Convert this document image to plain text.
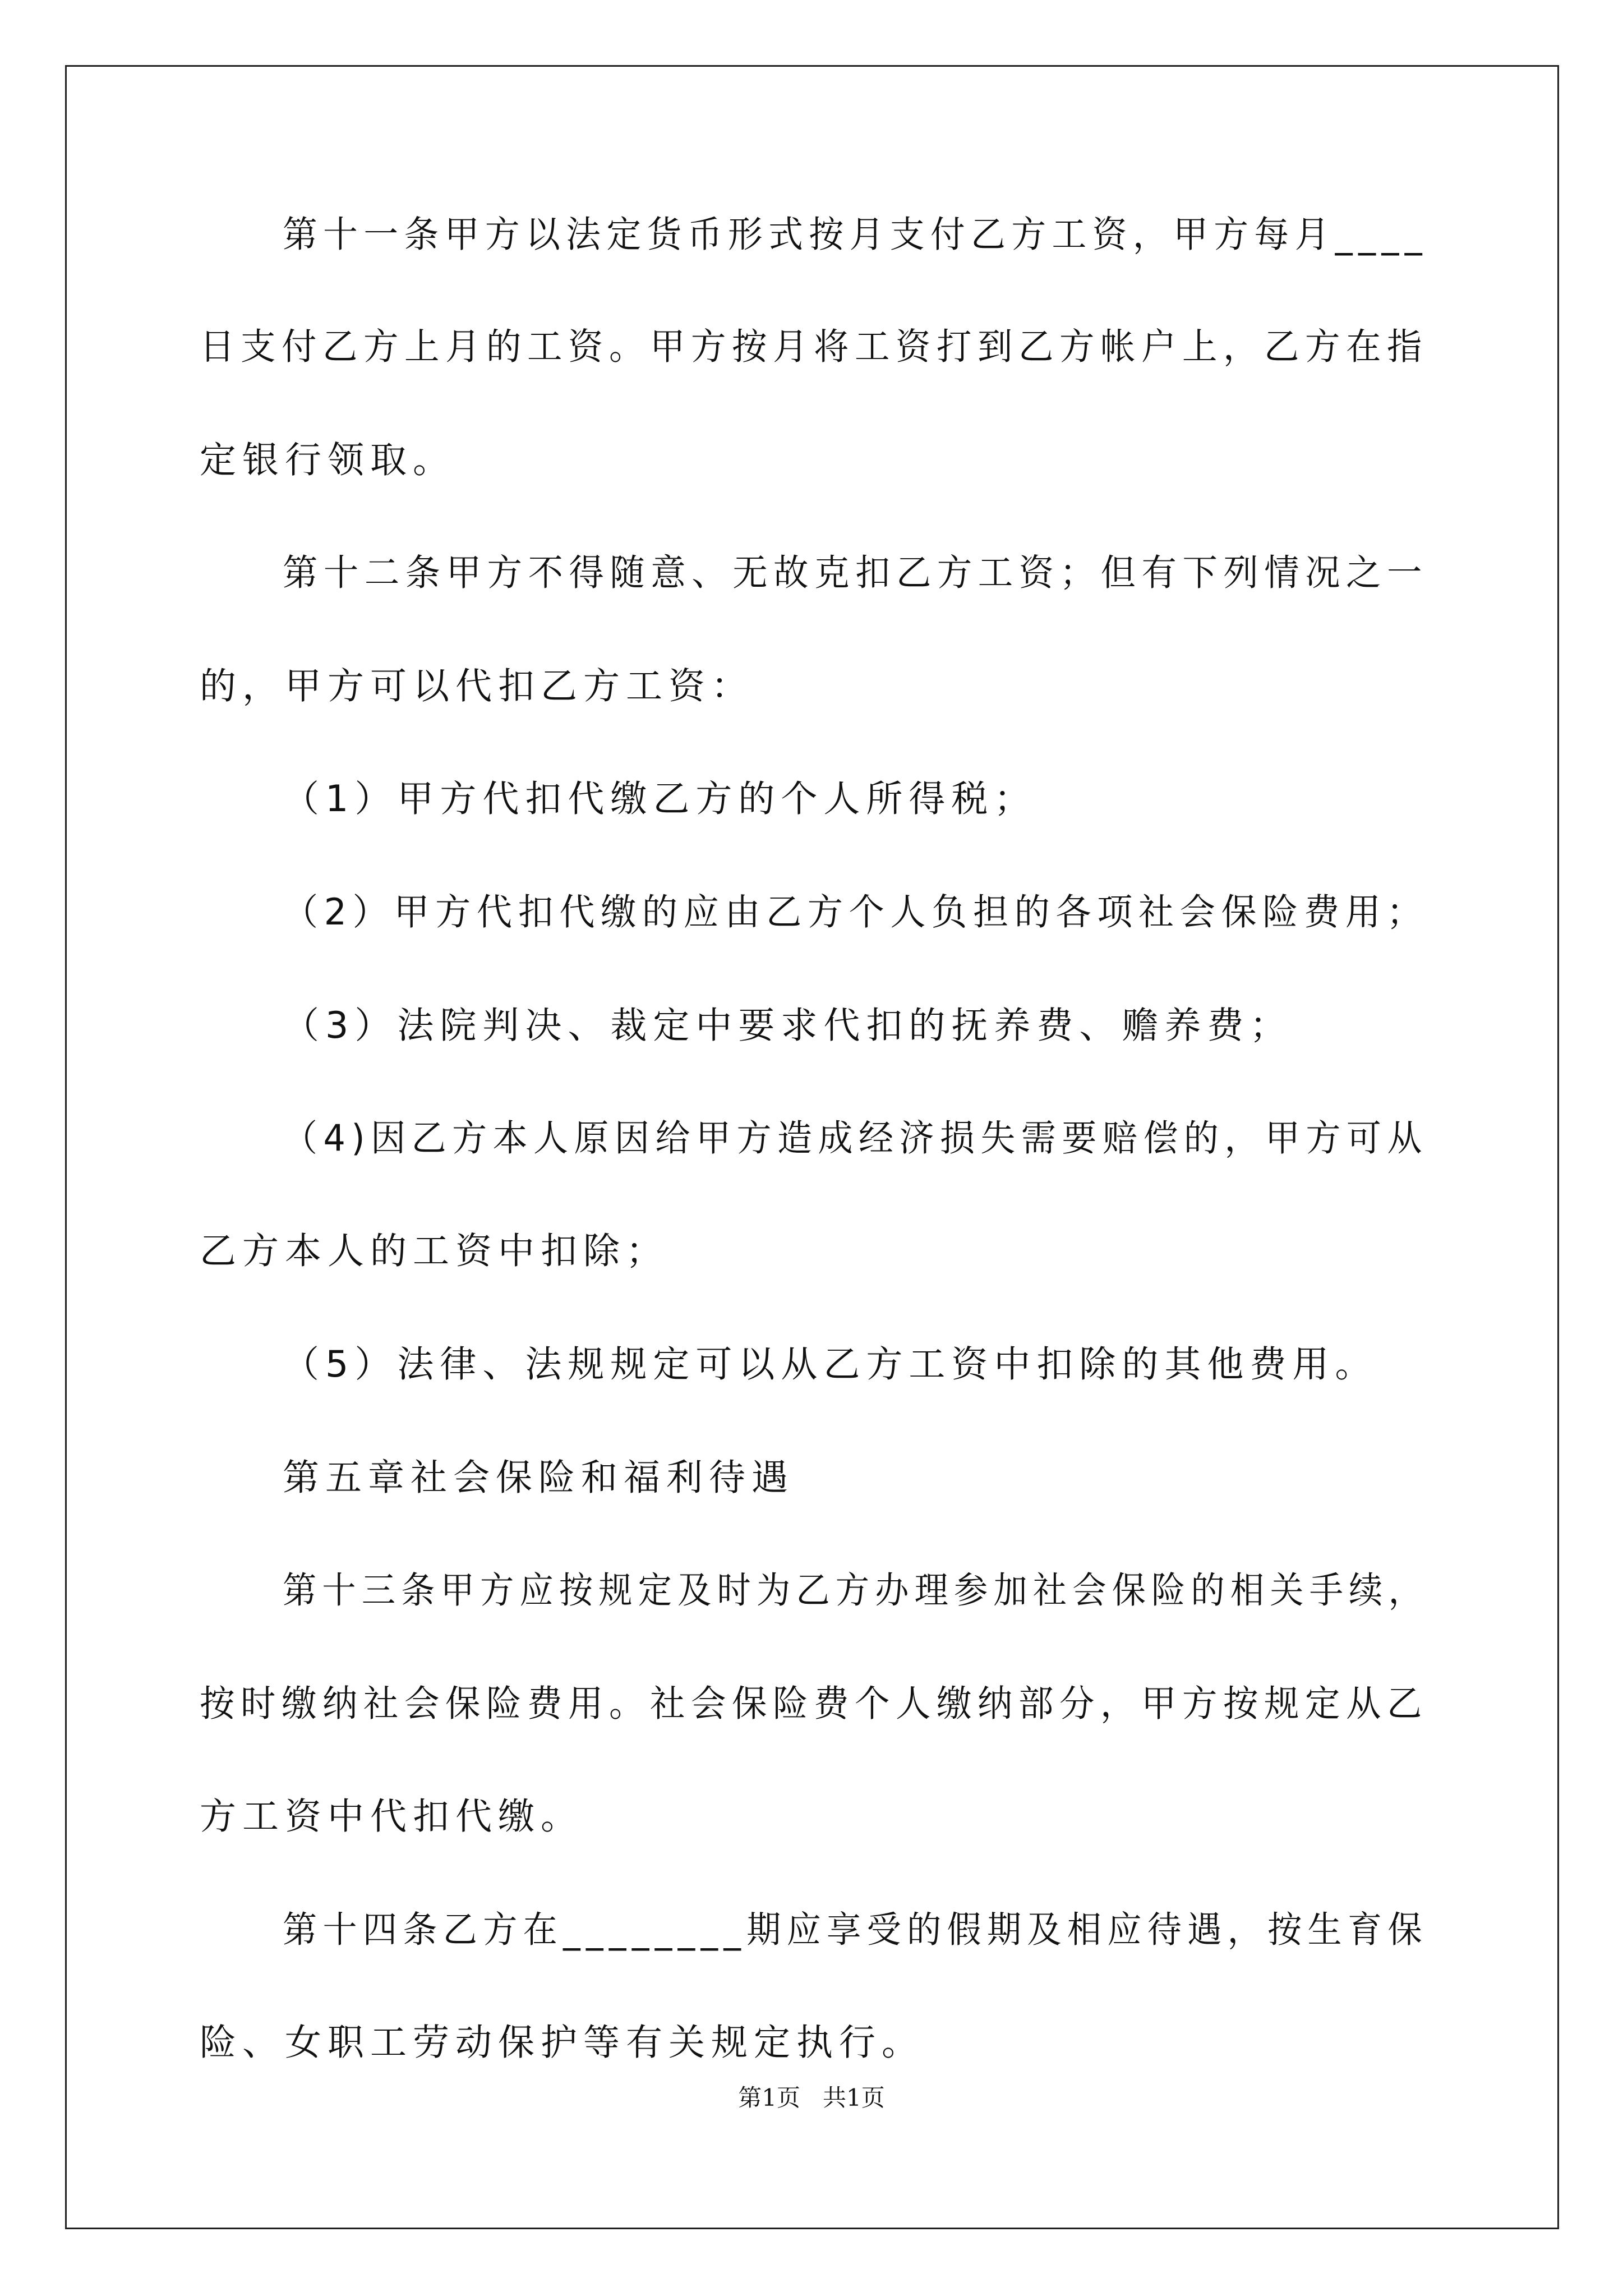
第十一条甲方以法定货币形式按月支付乙方工资，甲方每月____
日支付乙方上月的工资。甲方按月将工资打到乙方帐户上，乙方在指
定银行领取。
第十二条甲方不得随意、无故克扣乙方工资；但有下列情况之一
的，甲方可以代扣乙方工资：
（1）甲方代扣代缴乙方的个人所得税；
（2）甲方代扣代缴的应由乙方个人负担的各项社会保险费用；
（3）法院判决、裁定中要求代扣的抚养费、赡养费；
（4)因乙方本人原因给甲方造成经济损失需要赔偿的，甲方可从
乙方本人的工资中扣除；
（5）法律、法规规定可以从乙方工资中扣除的其他费用。
第五章社会保险和福利待遇
第十三条甲方应按规定及时为乙方办理参加社会保险的相关手续，
按时缴纳社会保险费用。社会保险费个人缴纳部分，甲方按规定从乙
方工资中代扣代缴。
第十四条乙方在________期应享受的假期及相应待遇，按生育保
险、女职工劳动保护等有关规定执行。
第1页   共1页
